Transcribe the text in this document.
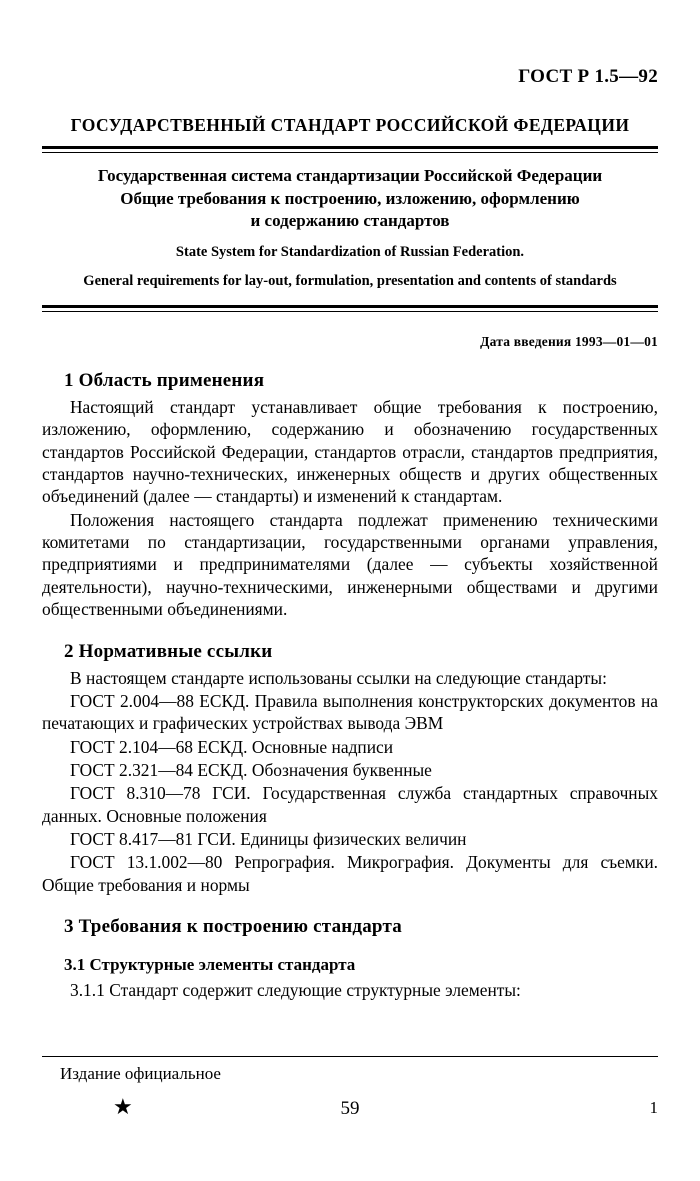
ГОСТ Р 1.5—92
ГОСУДАРСТВЕННЫЙ СТАНДАРТ РОССИЙСКОЙ ФЕДЕРАЦИИ
Государственная система стандартизации Российской Федерации
Общие требования к построению, изложению, оформлению
и содержанию стандартов
State System for Standardization of Russian Federation.
General requirements for lay-out, formulation, presentation and contents of standards
Дата введения 1993—01—01
1 Область применения

Настоящий стандарт устанавливает общие требования к построению, изложению, оформлению, содержанию и обозначению государственных стандартов Российской Федерации, стандартов отрасли, стандартов предприятия, стандартов научно-технических, инженерных обществ и других общественных объединений (далее — стандарты) и изменений к стандартам.

Положения настоящего стандарта подлежат применению техническими комитетами по стандартизации, государственными органами управления, предприятиями и предпринимателями (далее — субъекты хозяйственной деятельности), научно-техническими, инженерными обществами и другими общественными объединениями.

2 Нормативные ссылки

В настоящем стандарте использованы ссылки на следующие стандарты:

ГОСТ 2.004—88 ЕСКД. Правила выполнения конструкторских документов на печатающих и графических устройствах вывода ЭВМ

ГОСТ 2.104—68 ЕСКД. Основные надписи

ГОСТ 2.321—84 ЕСКД. Обозначения буквенные

ГОСТ 8.310—78 ГСИ. Государственная служба стандартных справочных данных. Основные положения

ГОСТ 8.417—81 ГСИ. Единицы физических величин

ГОСТ 13.1.002—80 Репрография. Микрография. Документы для съемки. Общие требования и нормы

3 Требования к построению стандарта
3.1 Структурные элементы стандарта

3.1.1 Стандарт содержит следующие структурные элементы:

Издание официальное
★	59	1
